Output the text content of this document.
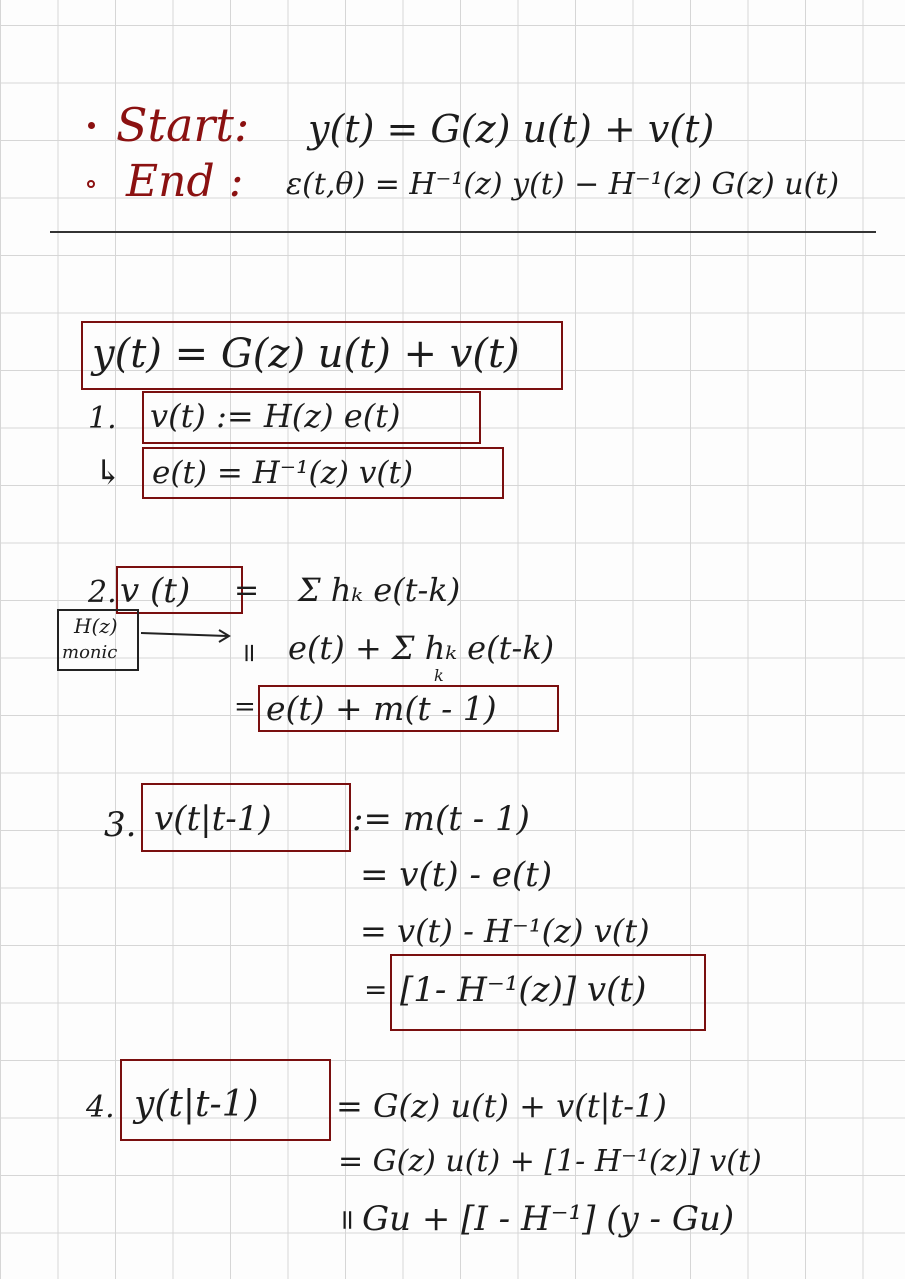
Start: y(t) = G(z) u(t) + v(t)
End : ε(t,θ) = H⁻¹(z) y(t) − H⁻¹(z) G(z) u(t)
y(t) = G(z) u(t) + v(t)
1. v(t) := H(z) e(t)
↳ e(t) = H⁻¹(z) v(t)
2. v (t) = Σ hₖ e(t-k)
H(z)
monic	= e(t) + Σ hₖ e(t-k)
k
= e(t) + m(t - 1)
3. v(t|t-1) := m(t - 1)
= v(t) - e(t)
= v(t) - H⁻¹(z) v(t)
= [1- H⁻¹(z)] v(t)
4. y(t|t-1) = G(z) u(t) + v(t|t-1)
= G(z) u(t) + [1- H⁻¹(z)] v(t)
=
Gu + [I - H⁻¹] (y - Gu)
